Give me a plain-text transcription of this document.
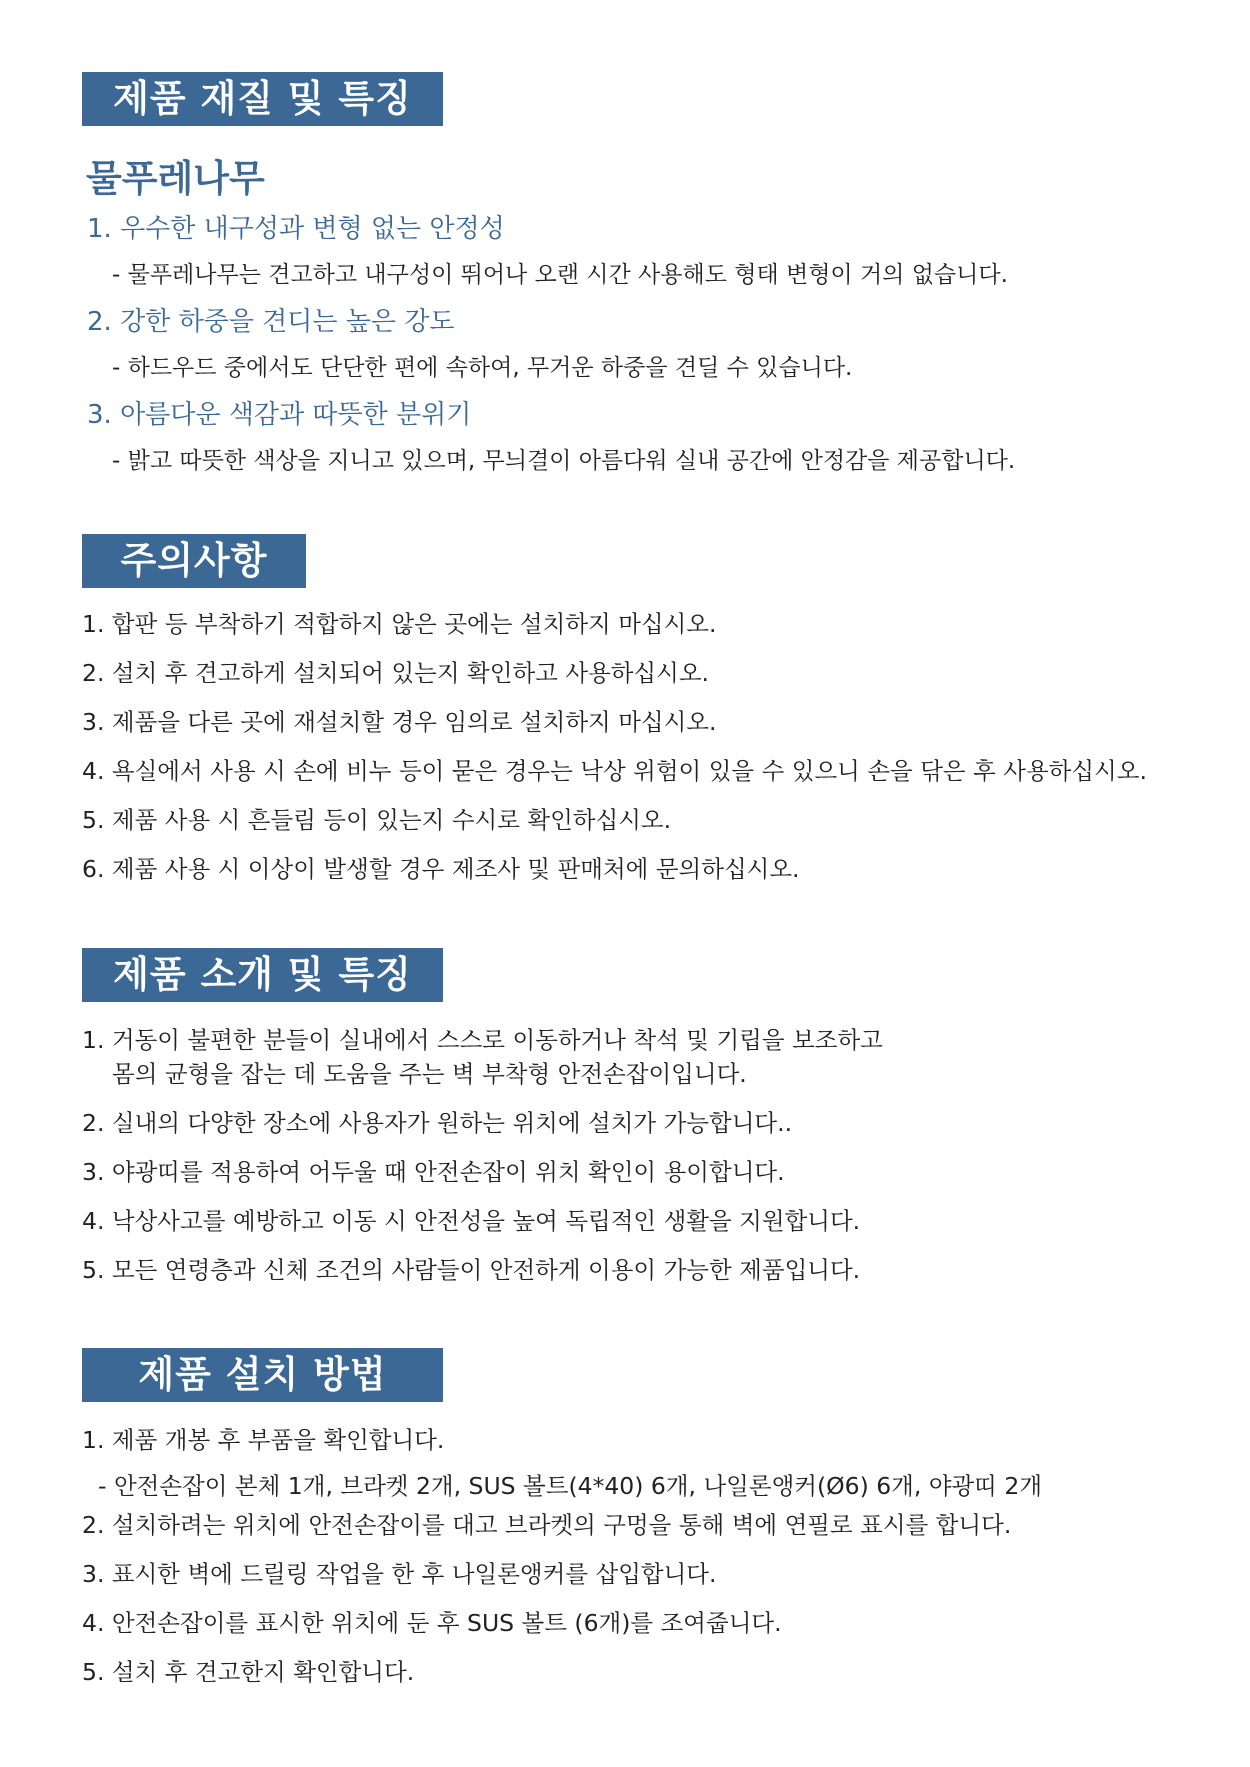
제품 재질 및 특징
물푸레나무
1. 우수한 내구성과 변형 없는 안정성
- 물푸레나무는 견고하고 내구성이 뛰어나 오랜 시간 사용해도 형태 변형이 거의 없습니다.
2. 강한 하중을 견디는 높은 강도
- 하드우드 중에서도 단단한 편에 속하여, 무거운 하중을 견딜 수 있습니다.
3. 아름다운 색감과 따뜻한 분위기
- 밝고 따뜻한 색상을 지니고 있으며, 무늬결이 아름다워 실내 공간에 안정감을 제공합니다.
주의사항
1. 합판 등 부착하기 적합하지 않은 곳에는 설치하지 마십시오.
2. 설치 후 견고하게 설치되어 있는지 확인하고 사용하십시오.
3. 제품을 다른 곳에 재설치할 경우 임의로 설치하지 마십시오.
4. 욕실에서 사용 시 손에 비누 등이 묻은 경우는 낙상 위험이 있을 수 있으니 손을 닦은 후 사용하십시오.
5. 제품 사용 시 흔들림 등이 있는지 수시로 확인하십시오.
6. 제품 사용 시 이상이 발생할 경우 제조사 및 판매처에 문의하십시오.
제품 소개 및 특징
1. 거동이 불편한 분들이 실내에서 스스로 이동하거나 착석 및 기립을 보조하고
몸의 균형을 잡는 데 도움을 주는 벽 부착형 안전손잡이입니다.
2. 실내의 다양한 장소에 사용자가 원하는 위치에 설치가 가능합니다..
3. 야광띠를 적용하여 어두울 때 안전손잡이 위치 확인이 용이합니다.
4. 낙상사고를 예방하고 이동 시 안전성을 높여 독립적인 생활을 지원합니다.
5. 모든 연령층과 신체 조건의 사람들이 안전하게 이용이 가능한 제품입니다.
제품 설치 방법
1. 제품 개봉 후 부품을 확인합니다.
- 안전손잡이 본체 1개, 브라켓 2개, SUS 볼트(4*40) 6개, 나일론앵커(Ø6) 6개, 야광띠 2개
2. 설치하려는 위치에 안전손잡이를 대고 브라켓의 구멍을 통해 벽에 연필로 표시를 합니다.
3. 표시한 벽에 드릴링 작업을 한 후 나일론앵커를 삽입합니다.
4. 안전손잡이를 표시한 위치에 둔 후 SUS 볼트 (6개)를 조여줍니다.
5. 설치 후 견고한지 확인합니다.
